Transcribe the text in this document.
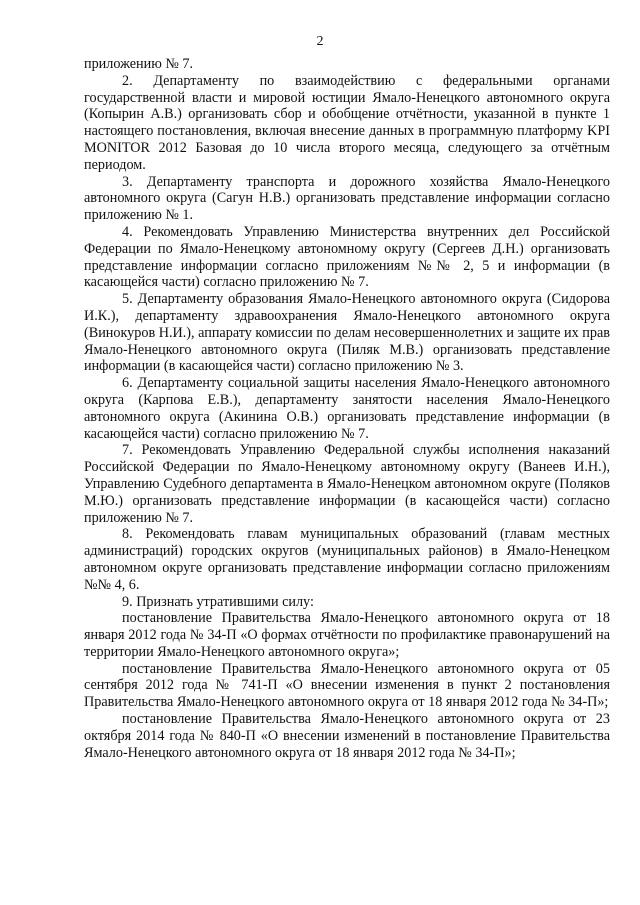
2

приложению № 7.

2. Департаменту по взаимодействию с федеральными органами государственной власти и мировой юстиции Ямало-Ненецкого автономного округа (Копырин А.В.) организовать сбор и обобщение отчётности, указанной в пункте 1 настоящего постановления, включая внесение данных в программную платформу KPI MONITOR 2012 Базовая до 10 числа второго месяца, следующего за отчётным периодом.

3. Департаменту транспорта и дорожного хозяйства Ямало-Ненецкого автономного округа (Сагун Н.В.) организовать представление информации согласно приложению № 1.

4. Рекомендовать Управлению Министерства внутренних дел Российской Федерации по Ямало-Ненецкому автономному округу (Сергеев Д.Н.) организовать представление информации согласно приложениям №№ 2, 5 и информации (в касающейся части) согласно приложению № 7.

5. Департаменту образования Ямало-Ненецкого автономного округа (Сидорова И.К.), департаменту здравоохранения Ямало-Ненецкого автономного округа (Винокуров Н.И.), аппарату комиссии по делам несовершеннолетних и защите их прав Ямало-Ненецкого автономного округа (Пиляк М.В.) организовать представление информации (в касающейся части) согласно приложению № 3.

6. Департаменту социальной защиты населения Ямало-Ненецкого автономного округа (Карпова Е.В.), департаменту занятости населения Ямало-Ненецкого автономного округа (Акинина О.В.) организовать представление информации (в касающейся части) согласно приложению № 7.

7. Рекомендовать Управлению Федеральной службы исполнения наказаний Российской Федерации по Ямало-Ненецкому автономному округу (Ванеев И.Н.), Управлению Судебного департамента в Ямало-Ненецком автономном округе (Поляков М.Ю.) организовать представление информации (в касающейся части) согласно приложению № 7.

8. Рекомендовать главам муниципальных образований (главам местных администраций) городских округов (муниципальных районов) в Ямало-Ненецком автономном округе организовать представление информации согласно приложениям №№ 4, 6.

9. Признать утратившими силу:

постановление Правительства Ямало-Ненецкого автономного округа от 18 января 2012 года № 34-П «О формах отчётности по профилактике правонарушений на территории Ямало-Ненецкого автономного округа»;

постановление Правительства Ямало-Ненецкого автономного округа от 05 сентября 2012 года № 741-П «О внесении изменения в пункт 2 постановления Правительства Ямало-Ненецкого автономного округа от 18 января 2012 года № 34-П»;

постановление Правительства Ямало-Ненецкого автономного округа от 23 октября 2014 года № 840-П «О внесении изменений в постановление Правительства Ямало-Ненецкого автономного округа от 18 января 2012 года № 34-П»;
